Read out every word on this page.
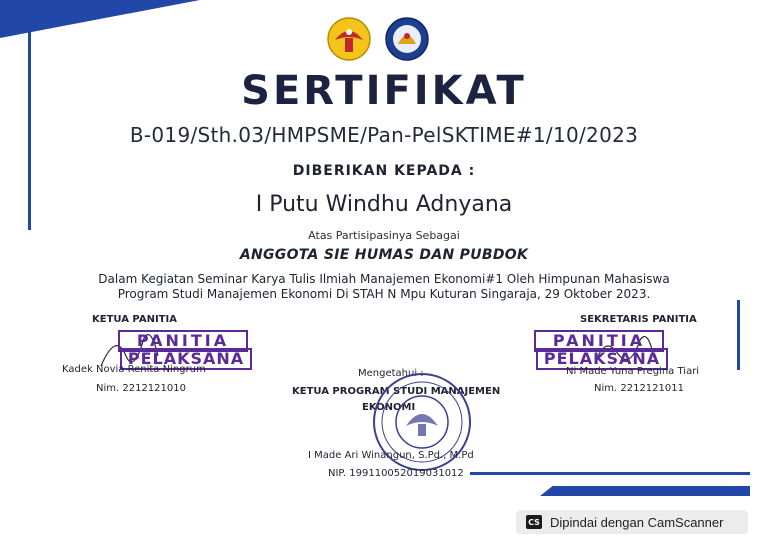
SERTIFIKAT
B-019/Sth.03/HMPSME/Pan-PelSKTIME#1/10/2023
DIBERIKAN KEPADA :
I Putu Windhu Adnyana
Atas Partisipasinya Sebagai
ANGGOTA SIE HUMAS DAN PUBDOK
Dalam Kegiatan Seminar Karya Tulis Ilmiah Manajemen Ekonomi#1 Oleh Himpunan Mahasiswa
Program Studi Manajemen Ekonomi Di STAH N Mpu Kuturan Singaraja, 29 Oktober 2023.
KETUA PANITIA
PANITIA
PELAKSANA
Kadek Novia Renita Ningrum
Nim. 2212121010
SEKRETARIS PANITIA
PANITIA
PELAKSANA
Ni Made Yuna Pregina Tiari
Nim. 2212121011
Mengetahui :
KETUA PROGRAM STUDI MANAJEMEN
EKONOMI
I Made Ari Winangun, S.Pd., M.Pd
NIP. 199110052019031012
CS Dipindai dengan CamScanner
